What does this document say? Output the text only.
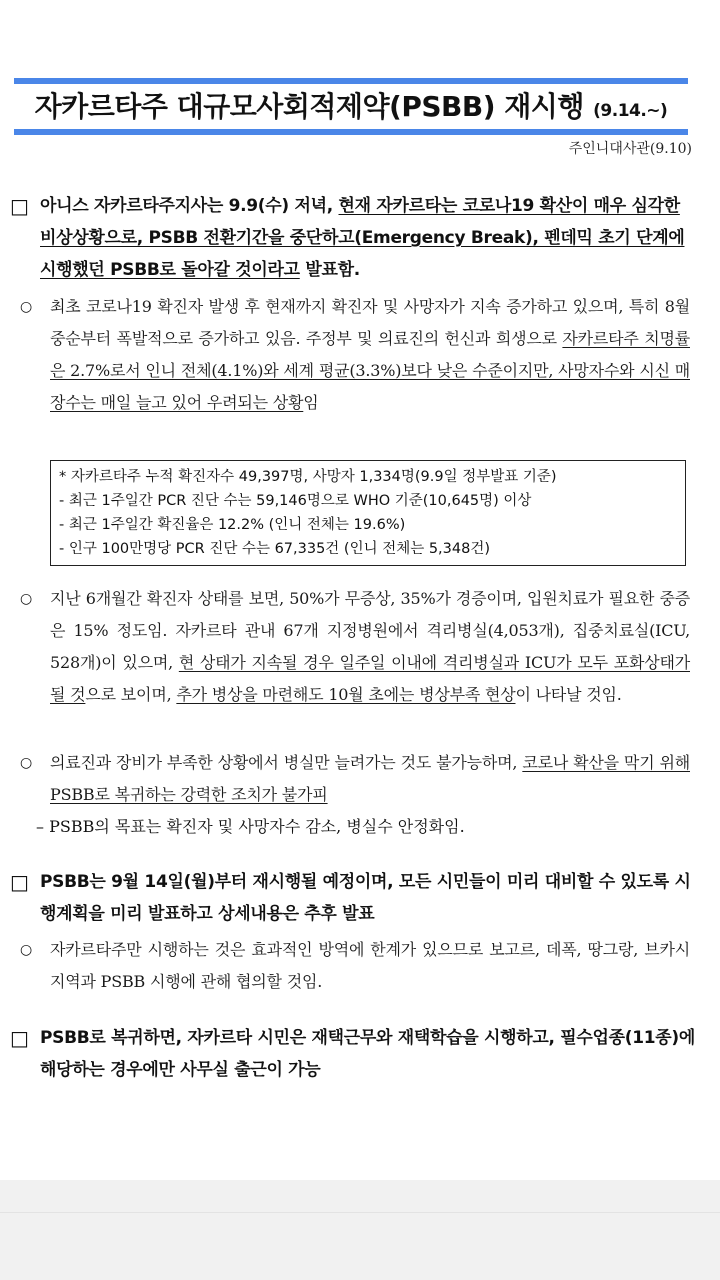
자카르타주 대규모사회적제약(PSBB) 재시행 (9.14.~)
주인니대사관(9.10)
□ 아니스 자카르타주지사는 9.9(수) 저녁, 현재 자카르타는 코로나19 확산이 매우 심각한 비상상황으로, PSBB 전환기간을 중단하고(Emergency Break), 펜데믹 초기 단계에 시행했던 PSBB로 돌아갈 것이라고 발표함.
○ 최초 코로나19 확진자 발생 후 현재까지 확진자 및 사망자가 지속 증가하고 있으며, 특히 8월 중순부터 폭발적으로 증가하고 있음. 주정부 및 의료진의 헌신과 희생으로 자카르타주 치명률은 2.7%로서 인니 전체(4.1%)와 세계 평균(3.3%)보다 낮은 수준이지만, 사망자수와 시신 매장수는 매일 늘고 있어 우려되는 상황임
* 자카르타주 누적 확진자수 49,397명, 사망자 1,334명(9.9일 정부발표 기준)
- 최근 1주일간 PCR 진단 수는 59,146명으로 WHO 기준(10,645명) 이상
- 최근 1주일간 확진율은 12.2% (인니 전체는 19.6%)
- 인구 100만명당 PCR 진단 수는 67,335건 (인니 전체는 5,348건)
○ 지난 6개월간 확진자 상태를 보면, 50%가 무증상, 35%가 경증이며, 입원치료가 필요한 중증은 15% 정도임. 자카르타 관내 67개 지정병원에서 격리병실(4,053개), 집중치료실(ICU, 528개)이 있으며, 현 상태가 지속될 경우 일주일 이내에 격리병실과 ICU가 모두 포화상태가 될 것으로 보이며, 추가 병상을 마련해도 10월 초에는 병상부족 현상이 나타날 것임.
○ 의료진과 장비가 부족한 상황에서 병실만 늘려가는 것도 불가능하며, 코로나 확산을 막기 위해 PSBB로 복귀하는 강력한 조치가 불가피
– PSBB의 목표는 확진자 및 사망자수 감소, 병실수 안정화임.
□ PSBB는 9월 14일(월)부터 재시행될 예정이며, 모든 시민들이 미리 대비할 수 있도록 시행계획을 미리 발표하고 상세내용은 추후 발표
○ 자카르타주만 시행하는 것은 효과적인 방역에 한계가 있으므로 보고르, 데폭, 땅그랑, 브카시 지역과 PSBB 시행에 관해 협의할 것임.
□ PSBB로 복귀하면, 자카르타 시민은 재택근무와 재택학습을 시행하고, 필수업종(11종)에 해당하는 경우에만 사무실 출근이 가능
